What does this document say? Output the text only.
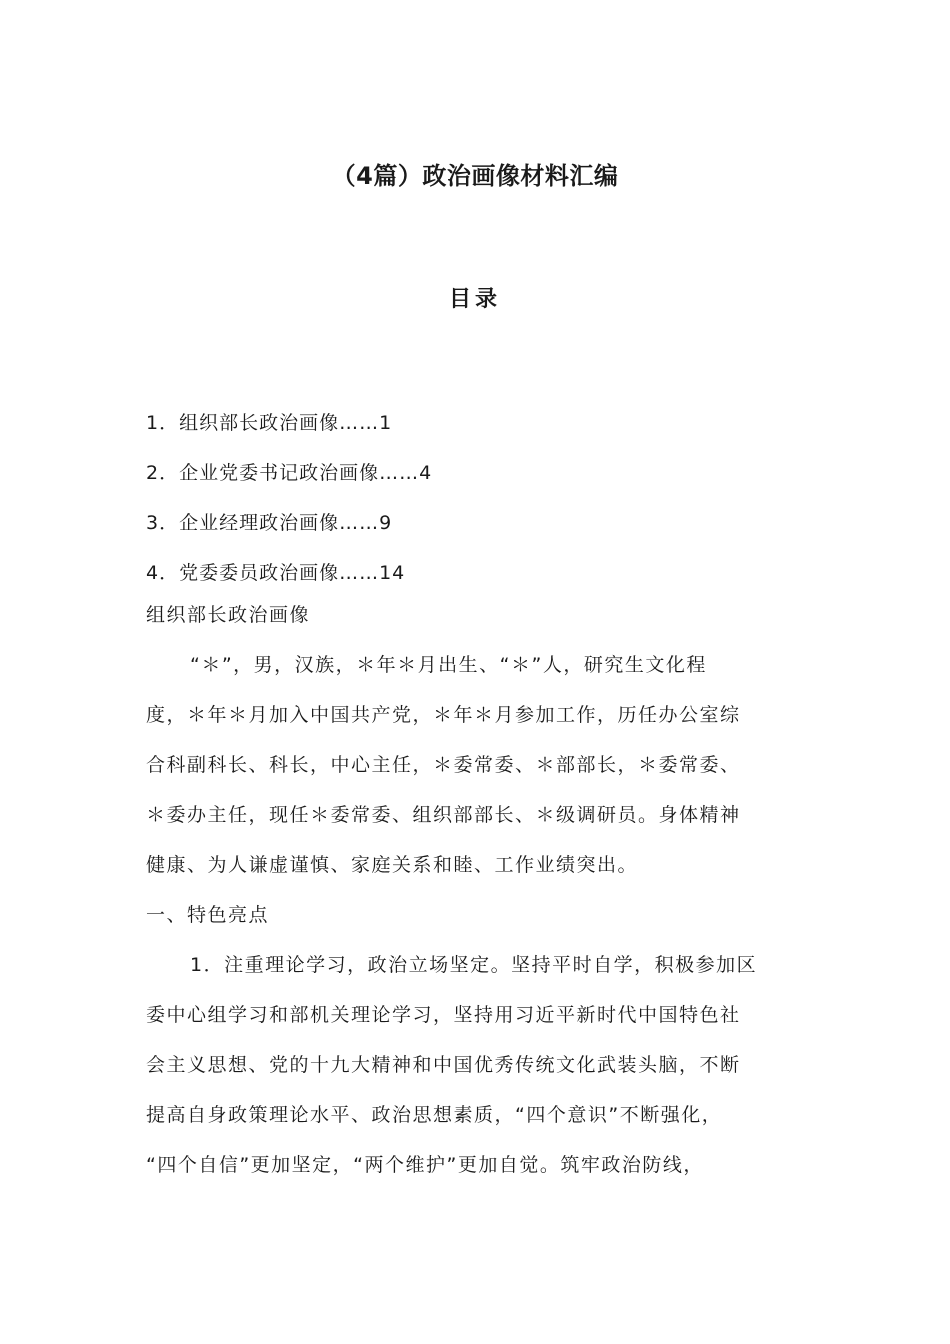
（4篇）政治画像材料汇编
目录
1．组织部长政治画像……1
2．企业党委书记政治画像……4
3．企业经理政治画像……9
4．党委委员政治画像……14
组织部长政治画像
“＊”，男，汉族，＊年＊月出生、“＊”人，研究生文化程
度，＊年＊月加入中国共产党，＊年＊月参加工作，历任办公室综
合科副科长、科长，中心主任，＊委常委、＊部部长，＊委常委、
＊委办主任，现任＊委常委、组织部部长、＊级调研员。身体精神
健康、为人谦虚谨慎、家庭关系和睦、工作业绩突出。
一、特色亮点
1．注重理论学习，政治立场坚定。坚持平时自学，积极参加区
委中心组学习和部机关理论学习，坚持用习近平新时代中国特色社
会主义思想、党的十九大精神和中国优秀传统文化武装头脑，不断
提高自身政策理论水平、政治思想素质，“四个意识”不断强化，
“四个自信”更加坚定，“两个维护”更加自觉。筑牢政治防线，
